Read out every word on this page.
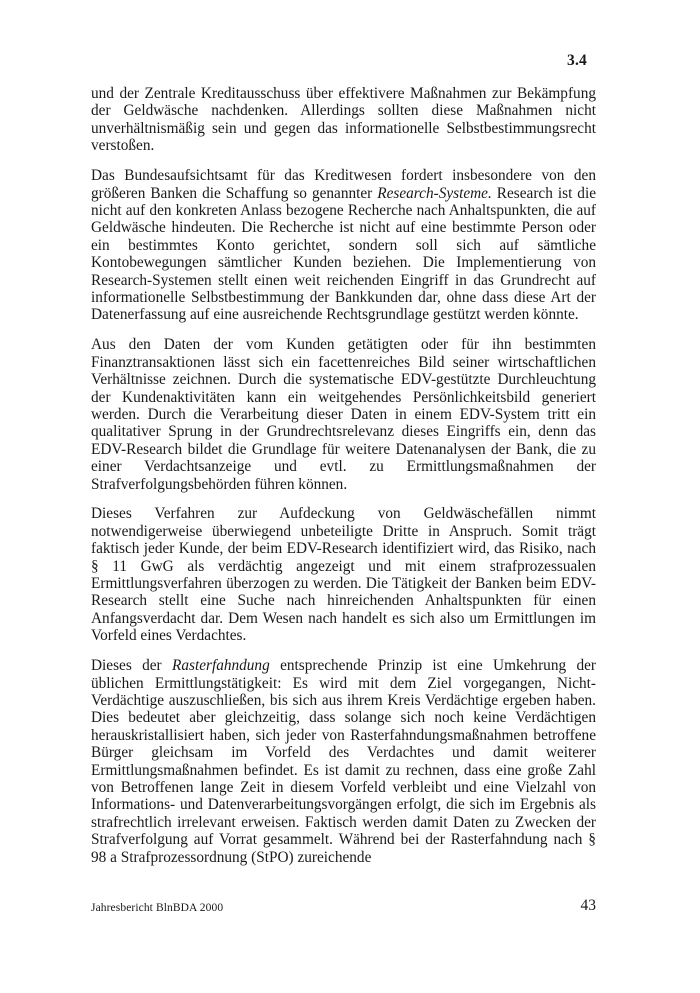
3.4

und der Zentrale Kreditausschuss über effektivere Maßnahmen zur Bekämpfung der Geldwäsche nachdenken. Allerdings sollten diese Maßnahmen nicht unverhältnismäßig sein und gegen das informationelle Selbstbestimmungsrecht verstoßen.

Das Bundesaufsichtsamt für das Kreditwesen fordert insbesondere von den größeren Banken die Schaffung so genannter Research-Systeme. Research ist die nicht auf den konkreten Anlass bezogene Recherche nach Anhaltspunkten, die auf Geldwäsche hindeuten. Die Recherche ist nicht auf eine bestimmte Person oder ein bestimmtes Konto gerichtet, sondern soll sich auf sämtliche Kontobewegungen sämtlicher Kunden beziehen. Die Implementierung von Research-Systemen stellt einen weit reichenden Eingriff in das Grundrecht auf informationelle Selbstbestimmung der Bankkunden dar, ohne dass diese Art der Datenerfassung auf eine ausreichende Rechtsgrundlage gestützt werden könnte.

Aus den Daten der vom Kunden getätigten oder für ihn bestimmten Finanztransaktionen lässt sich ein facettenreiches Bild seiner wirtschaftlichen Verhältnisse zeichnen. Durch die systematische EDV-gestützte Durchleuchtung der Kundenaktivitäten kann ein weitgehendes Persönlichkeitsbild generiert werden. Durch die Verarbeitung dieser Daten in einem EDV-System tritt ein qualitativer Sprung in der Grundrechtsrelevanz dieses Eingriffs ein, denn das EDV-Research bildet die Grundlage für weitere Datenanalysen der Bank, die zu einer Verdachtsanzeige und evtl. zu Ermittlungsmaßnahmen der Strafverfolgungsbehörden führen können.

Dieses Verfahren zur Aufdeckung von Geldwäschefällen nimmt notwendigerweise überwiegend unbeteiligte Dritte in Anspruch. Somit trägt faktisch jeder Kunde, der beim EDV-Research identifiziert wird, das Risiko, nach § 11 GwG als verdächtig angezeigt und mit einem strafprozessualen Ermittlungsverfahren überzogen zu werden. Die Tätigkeit der Banken beim EDV-Research stellt eine Suche nach hinreichenden Anhaltspunkten für einen Anfangsverdacht dar. Dem Wesen nach handelt es sich also um Ermittlungen im Vorfeld eines Verdachtes.

Dieses der Rasterfahndung entsprechende Prinzip ist eine Umkehrung der üblichen Ermittlungstätigkeit: Es wird mit dem Ziel vorgegangen, Nicht-Verdächtige auszuschließen, bis sich aus ihrem Kreis Verdächtige ergeben haben. Dies bedeutet aber gleichzeitig, dass solange sich noch keine Verdächtigen herauskristallisiert haben, sich jeder von Rasterfahndungsmaßnahmen betroffene Bürger gleichsam im Vorfeld des Verdachtes und damit weiterer Ermittlungsmaßnahmen befindet. Es ist damit zu rechnen, dass eine große Zahl von Betroffenen lange Zeit in diesem Vorfeld verbleibt und eine Vielzahl von Informations- und Datenverarbeitungsvorgängen erfolgt, die sich im Ergebnis als strafrechtlich irrelevant erweisen. Faktisch werden damit Daten zu Zwecken der Strafverfolgung auf Vorrat gesammelt. Während bei der Rasterfahndung nach § 98 a Strafprozessordnung (StPO) zureichende

Jahresbericht BlnBDA 2000	43
